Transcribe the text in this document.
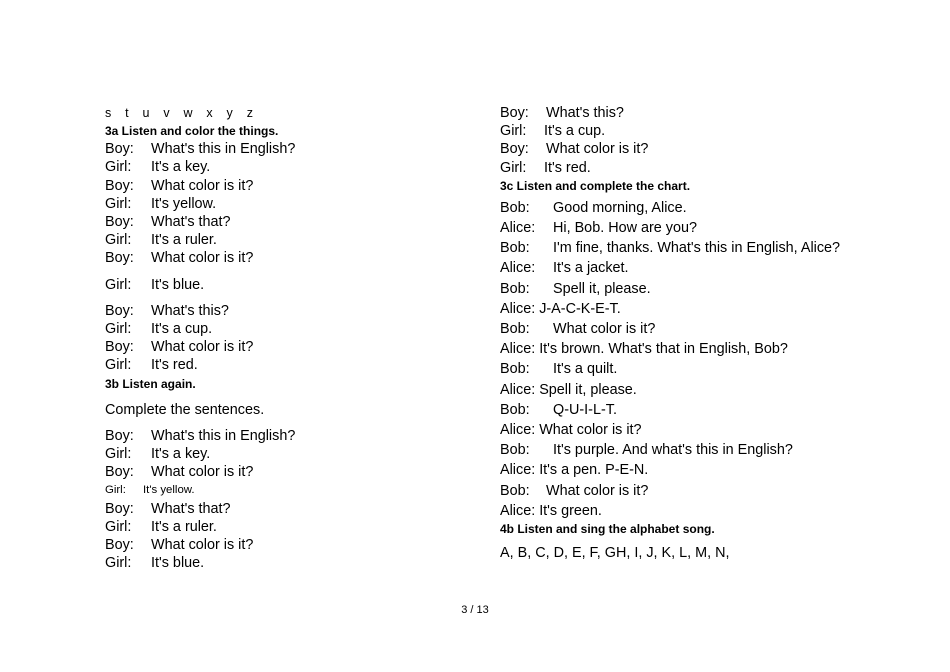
s    t    u    v    w    x    y    z
3a Listen and color the things.
Boy: What's this in English?
Girl: It's a key.
Boy: What color is it?
Girl: It's yellow.
Boy: What's that?
Girl: It's a ruler.
Boy: What color is it?
Girl: It's blue.
Boy: What's this?
Girl: It's a cup.
Boy: What color is it?
Girl: It's red.
3b Listen again.
Complete the sentences.
Boy: What's this in English?
Girl: It's a key.
Boy: What color is it?
Girl: It's yellow.
Boy: What's that?
Girl: It's a ruler.
Boy: What color is it?
Girl: It's blue.
Boy: What's this?
Girl: It's a cup.
Boy: What color is it?
Girl: It's red.
3c Listen and complete the chart.
Bob: Good morning, Alice.
Alice: Hi, Bob. How are you?
Bob: I'm fine, thanks. What's this in English, Alice?
Alice: It's a jacket.
Bob: Spell it, please.
Alice: J-A-C-K-E-T.
Bob: What color is it?
Alice: It's brown. What's that in English, Bob?
Bob: It's a quilt.
Alice: Spell it, please.
Bob: Q-U-I-L-T.
Alice: What color is it?
Bob: It's purple. And what's this in English?
Alice: It's a pen. P-E-N.
Bob: What color is it?
Alice: It's green.
4b Listen and sing the alphabet song.
A, B, C, D, E, F, GH, I, J, K, L, M, N,
3 / 13
